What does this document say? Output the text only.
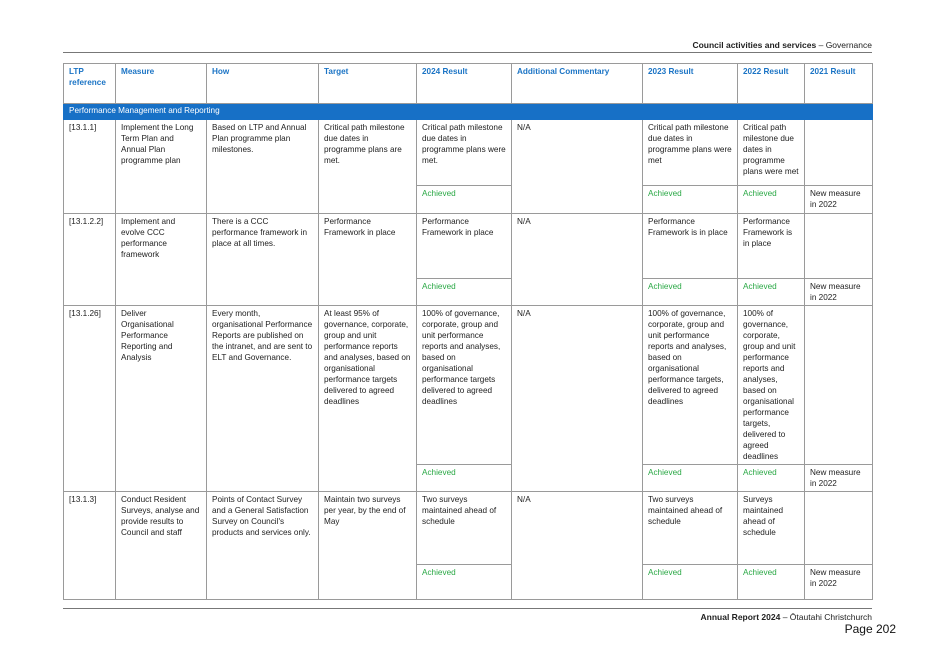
Council activities and services – Governance
LTP reference	Measure	How	Target	2024 Result	Additional Commentary	2023 Result	2022 Result	2021 Result
Performance Management and Reporting								
[13.1.1]	Implement the Long Term Plan and Annual Plan programme plan	Based on LTP and Annual Plan programme plan milestones.	Critical path milestone due dates in programme plans are met.	Critical path milestone due dates in programme plans were met.	N/A	Critical path milestone due dates in programme plans were met	Critical path milestone due dates in programme plans were met	
				Achieved		Achieved	Achieved	New measure in 2022
[13.1.2.2]	Implement and evolve CCC performance framework	There is a CCC performance framework in place at all times.	Performance Framework in place	Performance Framework in place	N/A	Performance Framework is in place	Performance Framework is in place	
				Achieved		Achieved	Achieved	New measure in 2022
[13.1.26]	Deliver Organisational Performance Reporting and Analysis	Every month, organisational Performance Reports are published on the intranet, and are sent to ELT and Governance.	At least 95% of governance, corporate, group and unit performance reports and analyses, based on organisational performance targets delivered to agreed deadlines	100% of governance, corporate, group and unit performance reports and analyses, based on organisational performance targets delivered to agreed deadlines	N/A	100% of governance, corporate, group and unit performance reports and analyses, based on organisational performance targets, delivered to agreed deadlines	100% of governance, corporate, group and unit performance reports and analyses, based on organisational performance targets, delivered to agreed deadlines	
				Achieved		Achieved	Achieved	New measure in 2022
[13.1.3]	Conduct Resident Surveys, analyse and provide results to Council and staff	Points of Contact Survey and a General Satisfaction Survey on Council's products and services only.	Maintain two surveys per year, by the end of May	Two surveys maintained ahead of schedule	N/A	Two surveys maintained ahead of schedule	Surveys maintained ahead of schedule	
				Achieved		Achieved	Achieved	New measure in 2022
Annual Report 2024 – Ōtautahi Christchurch
Page 202
